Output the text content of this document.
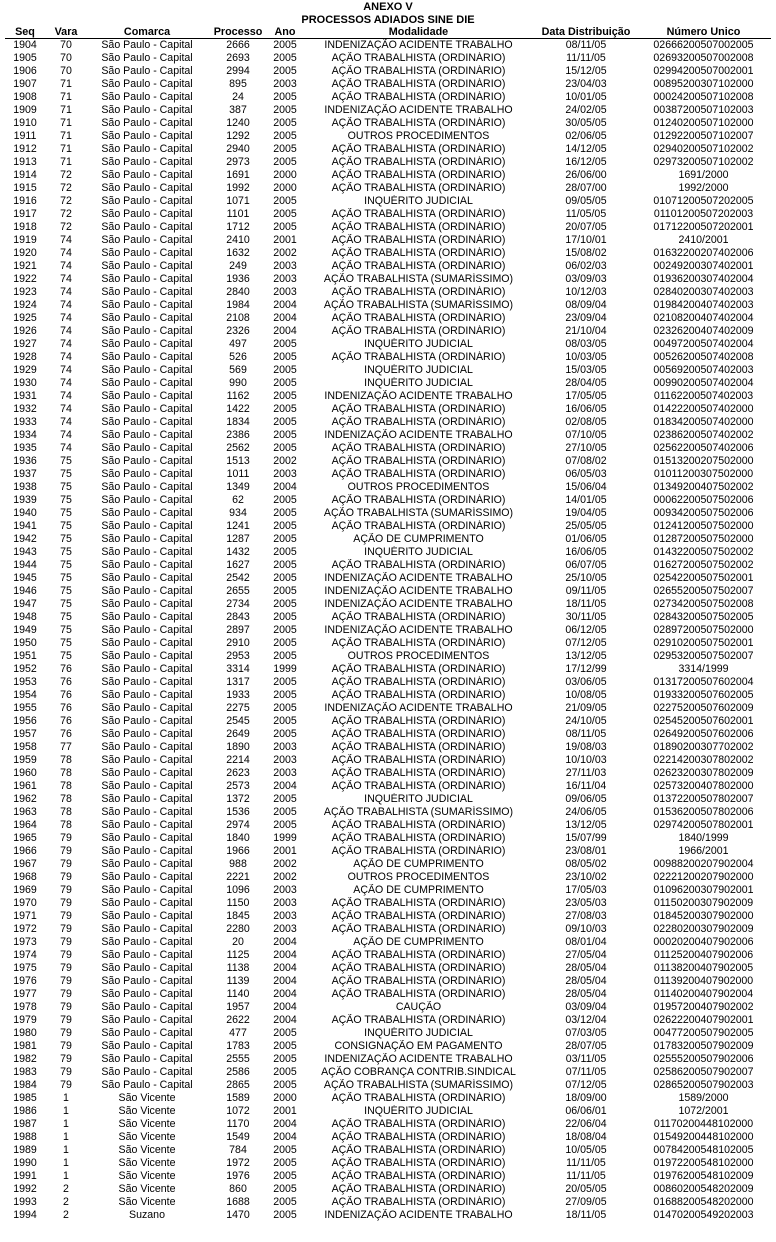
ANEXO V
PROCESSOS ADIADOS SINE DIE
Seq	Vara	Comarca	Processo	Ano	Modalidade	Data Distribuição	Número Único
1904	70	São Paulo - Capital	2666	2005	INDENIZAÇÃO ACIDENTE TRABALHO	08/11/05	02666200507002005
1905	70	São Paulo - Capital	2693	2005	AÇÃO TRABALHISTA (ORDINÁRIO)	11/11/05	02693200507002008
1906	70	São Paulo - Capital	2994	2005	AÇÃO TRABALHISTA (ORDINÁRIO)	15/12/05	02994200507002001
1907	71	São Paulo - Capital	895	2003	AÇÃO TRABALHISTA (ORDINÁRIO)	23/04/03	00895200307102000
1908	71	São Paulo - Capital	24	2005	AÇÃO TRABALHISTA (ORDINÁRIO)	10/01/05	00024200507102008
1909	71	São Paulo - Capital	387	2005	INDENIZAÇÃO ACIDENTE TRABALHO	24/02/05	00387200507102003
1910	71	São Paulo - Capital	1240	2005	AÇÃO TRABALHISTA (ORDINÁRIO)	30/05/05	01240200507102000
1911	71	São Paulo - Capital	1292	2005	OUTROS PROCEDIMENTOS	02/06/05	01292200507102007
1912	71	São Paulo - Capital	2940	2005	AÇÃO TRABALHISTA (ORDINÁRIO)	14/12/05	02940200507102002
1913	71	São Paulo - Capital	2973	2005	AÇÃO TRABALHISTA (ORDINÁRIO)	16/12/05	02973200507102002
1914	72	São Paulo - Capital	1691	2000	AÇÃO TRABALHISTA (ORDINÁRIO)	26/06/00	1691/2000
1915	72	São Paulo - Capital	1992	2000	AÇÃO TRABALHISTA (ORDINÁRIO)	28/07/00	1992/2000
1916	72	São Paulo - Capital	1071	2005	INQUÉRITO JUDICIAL	09/05/05	01071200507202005
1917	72	São Paulo - Capital	1101	2005	AÇÃO TRABALHISTA (ORDINÁRIO)	11/05/05	01101200507202003
1918	72	São Paulo - Capital	1712	2005	AÇÃO TRABALHISTA (ORDINÁRIO)	20/07/05	01712200507202001
1919	74	São Paulo - Capital	2410	2001	AÇÃO TRABALHISTA (ORDINÁRIO)	17/10/01	2410/2001
1920	74	São Paulo - Capital	1632	2002	AÇÃO TRABALHISTA (ORDINÁRIO)	15/08/02	01632200207402006
1921	74	São Paulo - Capital	249	2003	AÇÃO TRABALHISTA (ORDINÁRIO)	06/02/03	00249200307402001
1922	74	São Paulo - Capital	1936	2003	AÇÃO TRABALHISTA (SUMARÍSSIMO)	03/09/03	01936200307402004
1923	74	São Paulo - Capital	2840	2003	AÇÃO TRABALHISTA (ORDINÁRIO)	10/12/03	02840200307402003
1924	74	São Paulo - Capital	1984	2004	AÇÃO TRABALHISTA (SUMARÍSSIMO)	08/09/04	01984200407402003
1925	74	São Paulo - Capital	2108	2004	AÇÃO TRABALHISTA (ORDINÁRIO)	23/09/04	02108200407402004
1926	74	São Paulo - Capital	2326	2004	AÇÃO TRABALHISTA (ORDINÁRIO)	21/10/04	02326200407402009
1927	74	São Paulo - Capital	497	2005	INQUÉRITO JUDICIAL	08/03/05	00497200507402004
1928	74	São Paulo - Capital	526	2005	AÇÃO TRABALHISTA (ORDINÁRIO)	10/03/05	00526200507402008
1929	74	São Paulo - Capital	569	2005	INQUÉRITO JUDICIAL	15/03/05	00569200507402003
1930	74	São Paulo - Capital	990	2005	INQUÉRITO JUDICIAL	28/04/05	00990200507402004
1931	74	São Paulo - Capital	1162	2005	INDENIZAÇÃO ACIDENTE TRABALHO	17/05/05	01162200507402003
1932	74	São Paulo - Capital	1422	2005	AÇÃO TRABALHISTA (ORDINÁRIO)	16/06/05	01422200507402000
1933	74	São Paulo - Capital	1834	2005	AÇÃO TRABALHISTA (ORDINÁRIO)	02/08/05	01834200507402000
1934	74	São Paulo - Capital	2386	2005	INDENIZAÇÃO ACIDENTE TRABALHO	07/10/05	02386200507402002
1935	74	São Paulo - Capital	2562	2005	AÇÃO TRABALHISTA (ORDINÁRIO)	27/10/05	02562200507402006
1936	75	São Paulo - Capital	1513	2002	AÇÃO TRABALHISTA (ORDINÁRIO)	07/08/02	01513200207502000
1937	75	São Paulo - Capital	1011	2003	AÇÃO TRABALHISTA (ORDINÁRIO)	06/05/03	01011200307502000
1938	75	São Paulo - Capital	1349	2004	OUTROS PROCEDIMENTOS	15/06/04	01349200407502002
1939	75	São Paulo - Capital	62	2005	AÇÃO TRABALHISTA (ORDINÁRIO)	14/01/05	00062200507502006
1940	75	São Paulo - Capital	934	2005	AÇÃO TRABALHISTA (SUMARÍSSIMO)	19/04/05	00934200507502006
1941	75	São Paulo - Capital	1241	2005	AÇÃO TRABALHISTA (ORDINÁRIO)	25/05/05	01241200507502000
1942	75	São Paulo - Capital	1287	2005	AÇÃO DE CUMPRIMENTO	01/06/05	01287200507502000
1943	75	São Paulo - Capital	1432	2005	INQUÉRITO JUDICIAL	16/06/05	01432200507502002
1944	75	São Paulo - Capital	1627	2005	AÇÃO TRABALHISTA (ORDINÁRIO)	06/07/05	01627200507502002
1945	75	São Paulo - Capital	2542	2005	INDENIZAÇÃO ACIDENTE TRABALHO	25/10/05	02542200507502001
1946	75	São Paulo - Capital	2655	2005	INDENIZAÇÃO ACIDENTE TRABALHO	09/11/05	02655200507502007
1947	75	São Paulo - Capital	2734	2005	INDENIZAÇÃO ACIDENTE TRABALHO	18/11/05	02734200507502008
1948	75	São Paulo - Capital	2843	2005	AÇÃO TRABALHISTA (ORDINÁRIO)	30/11/05	02843200507502005
1949	75	São Paulo - Capital	2897	2005	INDENIZAÇÃO ACIDENTE TRABALHO	06/12/05	02897200507502000
1950	75	São Paulo - Capital	2910	2005	AÇÃO TRABALHISTA (ORDINÁRIO)	07/12/05	02910200507502001
1951	75	São Paulo - Capital	2953	2005	OUTROS PROCEDIMENTOS	13/12/05	02953200507502007
1952	76	São Paulo - Capital	3314	1999	AÇÃO TRABALHISTA (ORDINÁRIO)	17/12/99	3314/1999
1953	76	São Paulo - Capital	1317	2005	AÇÃO TRABALHISTA (ORDINÁRIO)	03/06/05	01317200507602004
1954	76	São Paulo - Capital	1933	2005	AÇÃO TRABALHISTA (ORDINÁRIO)	10/08/05	01933200507602005
1955	76	São Paulo - Capital	2275	2005	INDENIZAÇÃO ACIDENTE TRABALHO	21/09/05	02275200507602009
1956	76	São Paulo - Capital	2545	2005	AÇÃO TRABALHISTA (ORDINÁRIO)	24/10/05	02545200507602001
1957	76	São Paulo - Capital	2649	2005	AÇÃO TRABALHISTA (ORDINÁRIO)	08/11/05	02649200507602006
1958	77	São Paulo - Capital	1890	2003	AÇÃO TRABALHISTA (ORDINÁRIO)	19/08/03	01890200307702002
1959	78	São Paulo - Capital	2214	2003	AÇÃO TRABALHISTA (ORDINÁRIO)	10/10/03	02214200307802002
1960	78	São Paulo - Capital	2623	2003	AÇÃO TRABALHISTA (ORDINÁRIO)	27/11/03	02623200307802009
1961	78	São Paulo - Capital	2573	2004	AÇÃO TRABALHISTA (ORDINÁRIO)	16/11/04	02573200407802000
1962	78	São Paulo - Capital	1372	2005	INQUÉRITO JUDICIAL	09/06/05	01372200507802007
1963	78	São Paulo - Capital	1536	2005	AÇÃO TRABALHISTA (SUMARÍSSIMO)	24/06/05	01536200507802006
1964	78	São Paulo - Capital	2974	2005	AÇÃO TRABALHISTA (ORDINÁRIO)	13/12/05	02974200507802001
1965	79	São Paulo - Capital	1840	1999	AÇÃO TRABALHISTA (ORDINÁRIO)	15/07/99	1840/1999
1966	79	São Paulo - Capital	1966	2001	AÇÃO TRABALHISTA (ORDINÁRIO)	23/08/01	1966/2001
1967	79	São Paulo - Capital	988	2002	AÇÃO DE CUMPRIMENTO	08/05/02	00988200207902004
1968	79	São Paulo - Capital	2221	2002	OUTROS PROCEDIMENTOS	23/10/02	02221200207902000
1969	79	São Paulo - Capital	1096	2003	AÇÃO DE CUMPRIMENTO	17/05/03	01096200307902001
1970	79	São Paulo - Capital	1150	2003	AÇÃO TRABALHISTA (ORDINÁRIO)	23/05/03	01150200307902009
1971	79	São Paulo - Capital	1845	2003	AÇÃO TRABALHISTA (ORDINÁRIO)	27/08/03	01845200307902000
1972	79	São Paulo - Capital	2280	2003	AÇÃO TRABALHISTA (ORDINÁRIO)	09/10/03	02280200307902009
1973	79	São Paulo - Capital	20	2004	AÇÃO DE CUMPRIMENTO	08/01/04	00020200407902006
1974	79	São Paulo - Capital	1125	2004	AÇÃO TRABALHISTA (ORDINÁRIO)	27/05/04	01125200407902006
1975	79	São Paulo - Capital	1138	2004	AÇÃO TRABALHISTA (ORDINÁRIO)	28/05/04	01138200407902005
1976	79	São Paulo - Capital	1139	2004	AÇÃO TRABALHISTA (ORDINÁRIO)	28/05/04	01139200407902000
1977	79	São Paulo - Capital	1140	2004	AÇÃO TRABALHISTA (ORDINÁRIO)	28/05/04	01140200407902004
1978	79	São Paulo - Capital	1957	2004	CAUÇÃO	03/09/04	01957200407902002
1979	79	São Paulo - Capital	2622	2004	AÇÃO TRABALHISTA (ORDINÁRIO)	03/12/04	02622200407902001
1980	79	São Paulo - Capital	477	2005	INQUÉRITO JUDICIAL	07/03/05	00477200507902005
1981	79	São Paulo - Capital	1783	2005	CONSIGNAÇÃO EM PAGAMENTO	28/07/05	01783200507902009
1982	79	São Paulo - Capital	2555	2005	INDENIZAÇÃO ACIDENTE TRABALHO	03/11/05	02555200507902006
1983	79	São Paulo - Capital	2586	2005	AÇÃO COBRANÇA CONTRIB.SINDICAL	07/11/05	02586200507902007
1984	79	São Paulo - Capital	2865	2005	AÇÃO TRABALHISTA (SUMARÍSSIMO)	07/12/05	02865200507902003
1985	1	São Vicente	1589	2000	AÇÃO TRABALHISTA (ORDINÁRIO)	18/09/00	1589/2000
1986	1	São Vicente	1072	2001	INQUÉRITO JUDICIAL	06/06/01	1072/2001
1987	1	São Vicente	1170	2004	AÇÃO TRABALHISTA (ORDINÁRIO)	22/06/04	01170200448102000
1988	1	São Vicente	1549	2004	AÇÃO TRABALHISTA (ORDINÁRIO)	18/08/04	01549200448102000
1989	1	São Vicente	784	2005	AÇÃO TRABALHISTA (ORDINÁRIO)	10/05/05	00784200548102005
1990	1	São Vicente	1972	2005	AÇÃO TRABALHISTA (ORDINÁRIO)	11/11/05	01972200548102000
1991	1	São Vicente	1976	2005	AÇÃO TRABALHISTA (ORDINÁRIO)	11/11/05	01976200548102009
1992	2	São Vicente	860	2005	AÇÃO TRABALHISTA (ORDINÁRIO)	20/05/05	00860200548202009
1993	2	São Vicente	1688	2005	AÇÃO TRABALHISTA (ORDINÁRIO)	27/09/05	01688200548202000
1994	2	Suzano	1470	2005	INDENIZAÇÃO ACIDENTE TRABALHO	18/11/05	01470200549202003
